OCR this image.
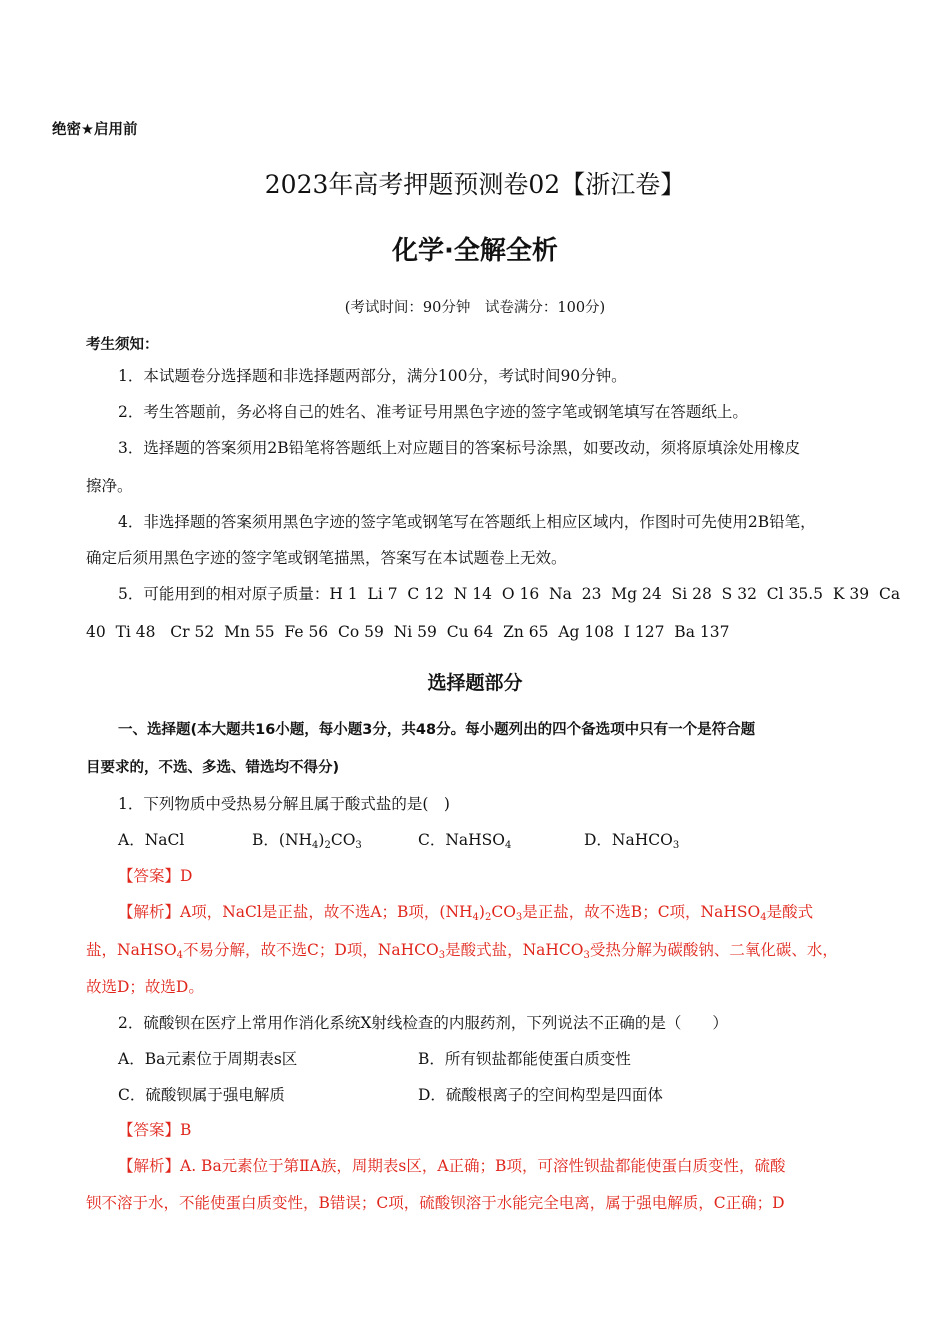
绝密★启用前
2023年高考押题预测卷02【浙江卷】
化学·全解全析
(考试时间：90分钟　试卷满分：100分)
考生须知：
1．本试题卷分选择题和非选择题两部分，满分100分，考试时间90分钟。
2．考生答题前，务必将自己的姓名、准考证号用黑色字迹的签字笔或钢笔填写在答题纸上。
3．选择题的答案须用2B铅笔将答题纸上对应题目的答案标号涂黑，如要改动，须将原填涂处用橡皮
擦净。
4．非选择题的答案须用黑色字迹的签字笔或钢笔写在答题纸上相应区域内，作图时可先使用2B铅笔，
确定后须用黑色字迹的签字笔或钢笔描黑，答案写在本试题卷上无效。
5．可能用到的相对原子质量：H 1  Li 7  C 12  N 14  O 16  Na  23  Mg 24  Si 28  S 32  Cl 35.5  K 39  Ca
40  Ti 48   Cr 52  Mn 55  Fe 56  Co 59  Ni 59  Cu 64  Zn 65  Ag 108  I 127  Ba 137
选择题部分
一、选择题(本大题共16小题，每小题3分，共48分。每小题列出的四个备选项中只有一个是符合题
目要求的，不选、多选、错选均不得分)
1．下列物质中受热易分解且属于酸式盐的是(　)
A．NaCl	B．$(NH_4)_2CO_3$	C．NaHSO$_4$	D．NaHCO$_3$
【答案】D
【解析】A项，NaCl是正盐，故不选A；B项，$(NH_4)_2CO_3$是正盐，故不选B；C项，NaHSO$_4$是酸式
盐，NaHSO$_4$不易分解，故不选C；D项，NaHCO$_3$是酸式盐，NaHCO$_3$受热分解为碳酸钠、二氧化碳、水，
故选D；故选D。
2．硫酸钡在医疗上常用作消化系统X射线检查的内服药剂，下列说法不正确的是（　　）
A．Ba元素位于周期表s区	B．所有钡盐都能使蛋白质变性
C．硫酸钡属于强电解质	D．硫酸根离子的空间构型是四面体
【答案】B
【解析】A. Ba元素位于第ⅡA族，周期表s区，A正确；B项，可溶性钡盐都能使蛋白质变性，硫酸
钡不溶于水，不能使蛋白质变性，B错误；C项，硫酸钡溶于水能完全电离，属于强电解质，C正确；D
